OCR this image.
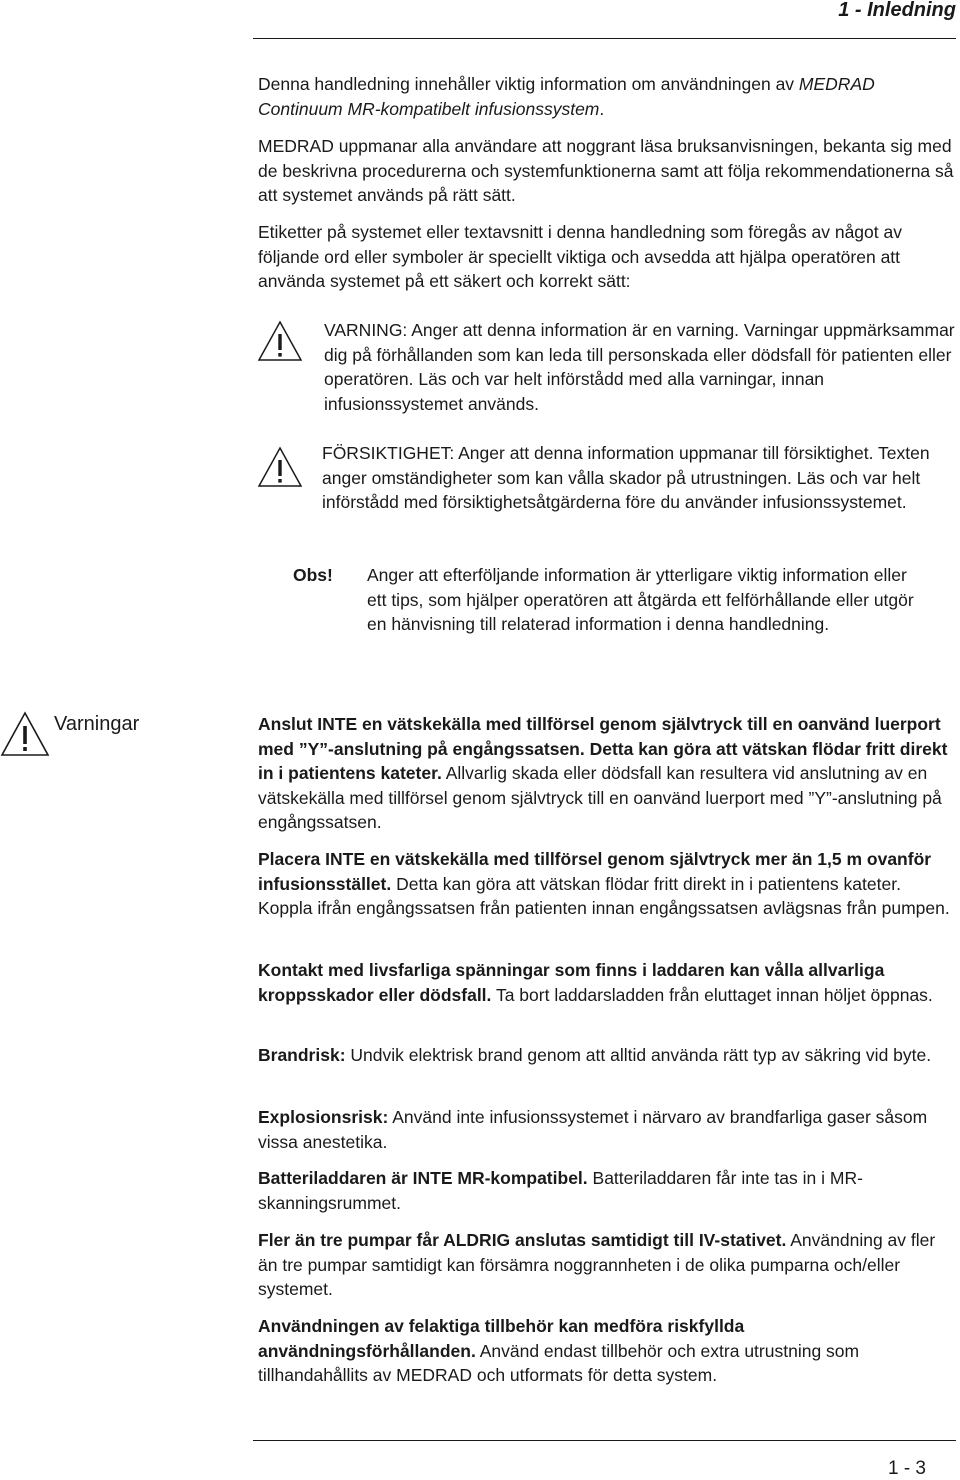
1 - Inledning

Denna handledning innehåller viktig information om användningen av MEDRAD Continuum MR-kompatibelt infusionssystem.

MEDRAD uppmanar alla användare att noggrant läsa bruksanvisningen, bekanta sig med de beskrivna procedurerna och systemfunktionerna samt att följa rekommendationerna så att systemet används på rätt sätt.

Etiketter på systemet eller textavsnitt i denna handledning som föregås av något av följande ord eller symboler är speciellt viktiga och avsedda att hjälpa operatören att använda systemet på ett säkert och korrekt sätt:

VARNING: Anger att denna information är en varning. Varningar uppmärksammar dig på förhållanden som kan leda till personskada eller dödsfall för patienten eller operatören. Läs och var helt införstådd med alla varningar, innan infusionssystemet används.

FÖRSIKTIGHET: Anger att denna information uppmanar till försiktighet. Texten anger omständigheter som kan vålla skador på utrustningen. Läs och var helt införstådd med försiktighetsåtgärderna före du använder infusionssystemet.

Obs! Anger att efterföljande information är ytterligare viktig information eller ett tips, som hjälper operatören att åtgärda ett felförhållande eller utgör en hänvisning till relaterad information i denna handledning.

Varningar	Anslut INTE en vätskekälla med tillförsel genom självtryck till en oanvänd luerport med ”Y”-anslutning på engångssatsen. Detta kan göra att vätskan flödar fritt direkt in i patientens kateter. Allvarlig skada eller dödsfall kan resultera vid anslutning av en vätskekälla med tillförsel genom självtryck till en oanvänd luerport med ”Y”-anslutning på engångssatsen.

Placera INTE en vätskekälla med tillförsel genom självtryck mer än 1,5 m ovanför infusionsstället. Detta kan göra att vätskan flödar fritt direkt in i patientens kateter. Koppla ifrån engångssatsen från patienten innan engångssatsen avlägsnas från pumpen.

Kontakt med livsfarliga spänningar som finns i laddaren kan vålla allvarliga kroppsskador eller dödsfall. Ta bort laddarsladden från eluttaget innan höljet öppnas.

Brandrisk: Undvik elektrisk brand genom att alltid använda rätt typ av säkring vid byte.

Explosionsrisk: Använd inte infusionssystemet i närvaro av brandfarliga gaser såsom vissa anestetika.

Batteriladdaren är INTE MR-kompatibel. Batteriladdaren får inte tas in i MR-skanningsrummet.

Fler än tre pumpar får ALDRIG anslutas samtidigt till IV-stativet. Användning av fler än tre pumpar samtidigt kan försämra noggrannheten i de olika pumparna och/eller systemet.

Användningen av felaktiga tillbehör kan medföra riskfyllda användningsförhållanden. Använd endast tillbehör och extra utrustning som tillhandahållits av MEDRAD och utformats för detta system.

1 - 3
